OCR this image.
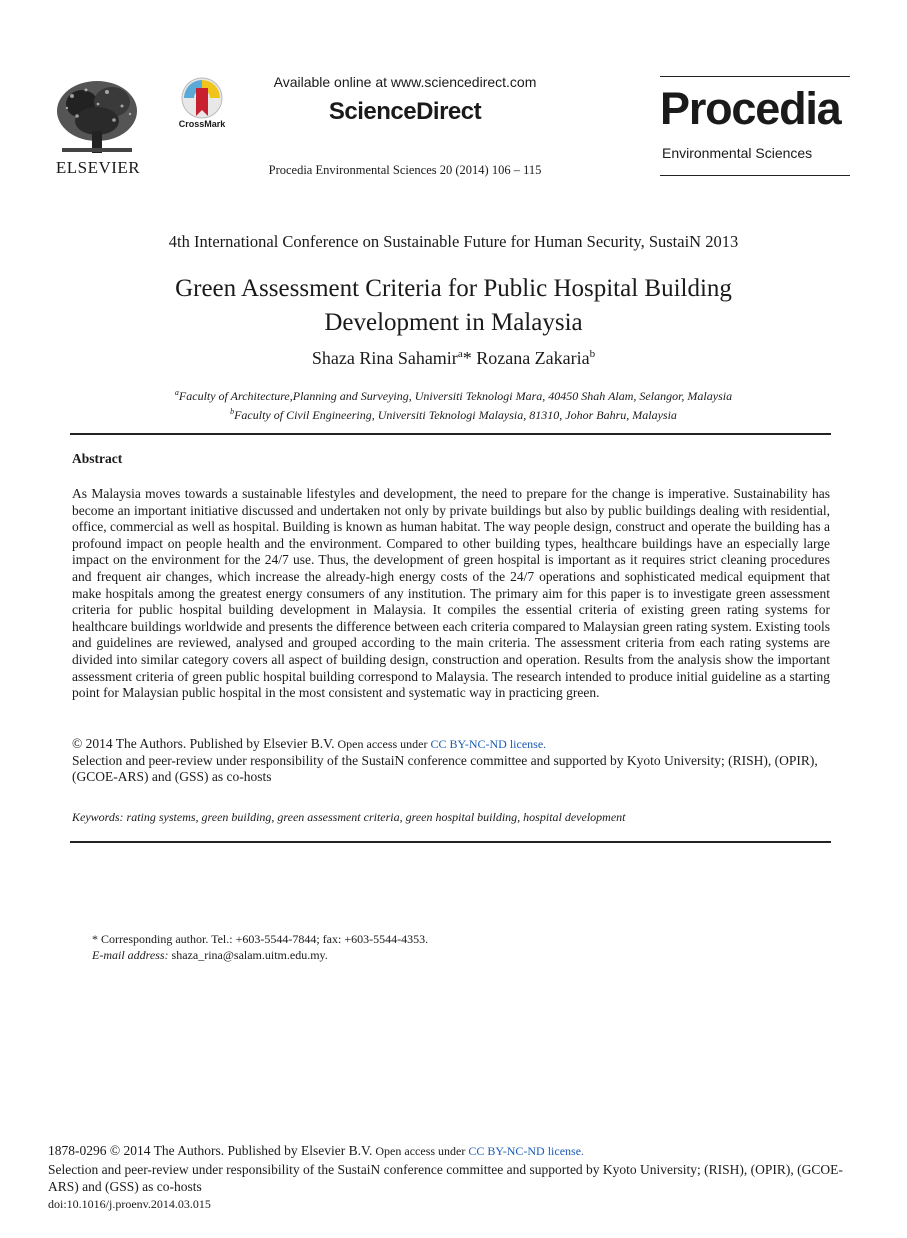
ELSEVIER
CrossMark
Available online at www.sciencedirect.com
ScienceDirect
Procedia Environmental Sciences 20 (2014) 106 – 115
Procedia
Environmental Sciences
4th International Conference on Sustainable Future for Human Security, SustaiN 2013
Green Assessment Criteria for Public Hospital Building
Development in Malaysia
Shaza Rina Sahamir$^a$* Rozana Zakaria$^b$
$^a$Faculty of Architecture,Planning and Surveying, Universiti Teknologi Mara, 40450 Shah Alam, Selangor, Malaysia
$^b$Faculty of Civil Engineering, Universiti Teknologi Malaysia, 81310, Johor Bahru, Malaysia
Abstract
As Malaysia moves towards a sustainable lifestyles and development, the need to prepare for the change is imperative. Sustainability has become an important initiative discussed and undertaken not only by private buildings but also by public buildings dealing with residential, office, commercial as well as hospital. Building is known as human habitat. The way people design, construct and operate the building has a profound impact on people health and the environment. Compared to other building types, healthcare buildings have an especially large impact on the environment for the 24/7 use. Thus, the development of green hospital is important as it requires strict cleaning procedures and frequent air changes, which increase the already-high energy costs of the 24/7 operations and sophisticated medical equipment that make hospitals among the greatest energy consumers of any institution. The primary aim for this paper is to investigate green assessment criteria for public hospital building development in Malaysia. It compiles the essential criteria of existing green rating systems for healthcare buildings worldwide and presents the difference between each criteria compared to Malaysian green rating system. Existing tools and guidelines are reviewed, analysed and grouped according to the main criteria. The assessment criteria from each rating systems are divided into similar category covers all aspect of building design, construction and operation. Results from the analysis show the important assessment criteria of green public hospital building correspond to Malaysia. The research intended to produce initial guideline as a starting point for Malaysian public hospital in the most consistent and systematic way in practicing green.
© 2014 The Authors. Published by Elsevier B.V. Open access under CC BY-NC-ND license.
Selection and peer-review under responsibility of the SustaiN conference committee and supported by Kyoto University; (RISH), (OPIR), (GCOE-ARS) and (GSS) as co-hosts
Keywords: rating systems, green building, green assessment criteria, green hospital building, hospital development
* Corresponding author. Tel.: +603-5544-7844; fax: +603-5544-4353.
E-mail address: shaza_rina@salam.uitm.edu.my.
1878-0296 © 2014 The Authors. Published by Elsevier B.V. Open access under CC BY-NC-ND license.
Selection and peer-review under responsibility of the SustaiN conference committee and supported by Kyoto University; (RISH), (OPIR), (GCOE-ARS) and (GSS) as co-hosts
doi:10.1016/j.proenv.2014.03.015
